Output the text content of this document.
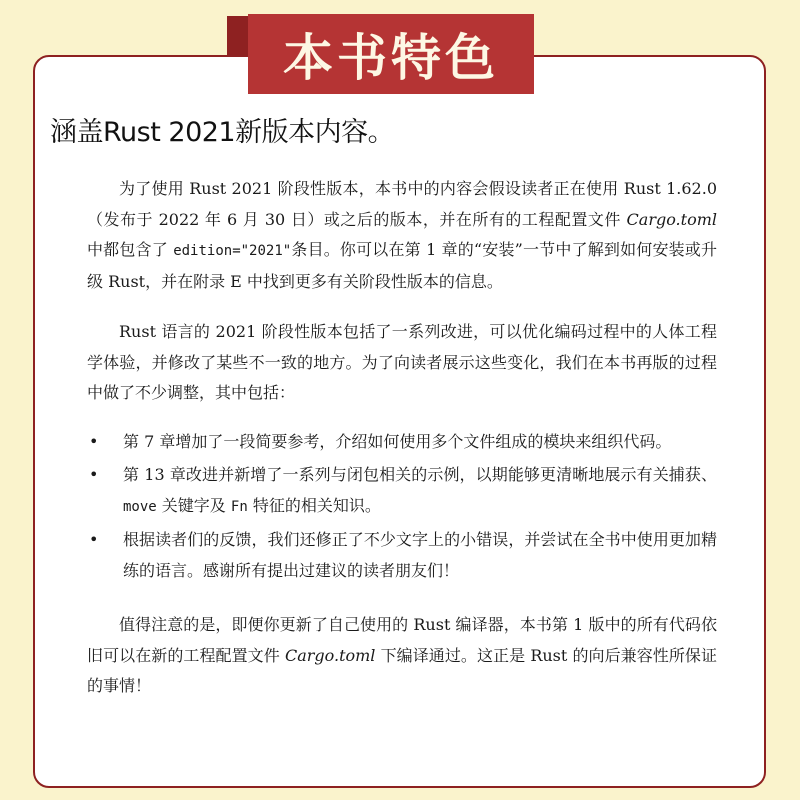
本书特色
涵盖Rust 2021新版本内容。

为了使用 Rust 2021 阶段性版本，本书中的内容会假设读者正在使用 Rust 1.62.0（发布于 2022 年 6 月 30 日）或之后的版本，并在所有的工程配置文件 Cargo.toml 中都包含了 edition="2021"条目。你可以在第 1 章的“安装”一节中了解到如何安装或升级 Rust，并在附录 E 中找到更多有关阶段性版本的信息。

Rust 语言的 2021 阶段性版本包括了一系列改进，可以优化编码过程中的人体工程学体验，并修改了某些不一致的地方。为了向读者展示这些变化，我们在本书再版的过程中做了不少调整，其中包括：

• 第 7 章增加了一段简要参考，介绍如何使用多个文件组成的模块来组织代码。
• 第 13 章改进并新增了一系列与闭包相关的示例，以期能够更清晰地展示有关捕获、move 关键字及 Fn 特征的相关知识。
• 根据读者们的反馈，我们还修正了不少文字上的小错误，并尝试在全书中使用更加精练的语言。感谢所有提出过建议的读者朋友们！

值得注意的是，即便你更新了自己使用的 Rust 编译器，本书第 1 版中的所有代码依旧可以在新的工程配置文件 Cargo.toml 下编译通过。这正是 Rust 的向后兼容性所保证的事情！
